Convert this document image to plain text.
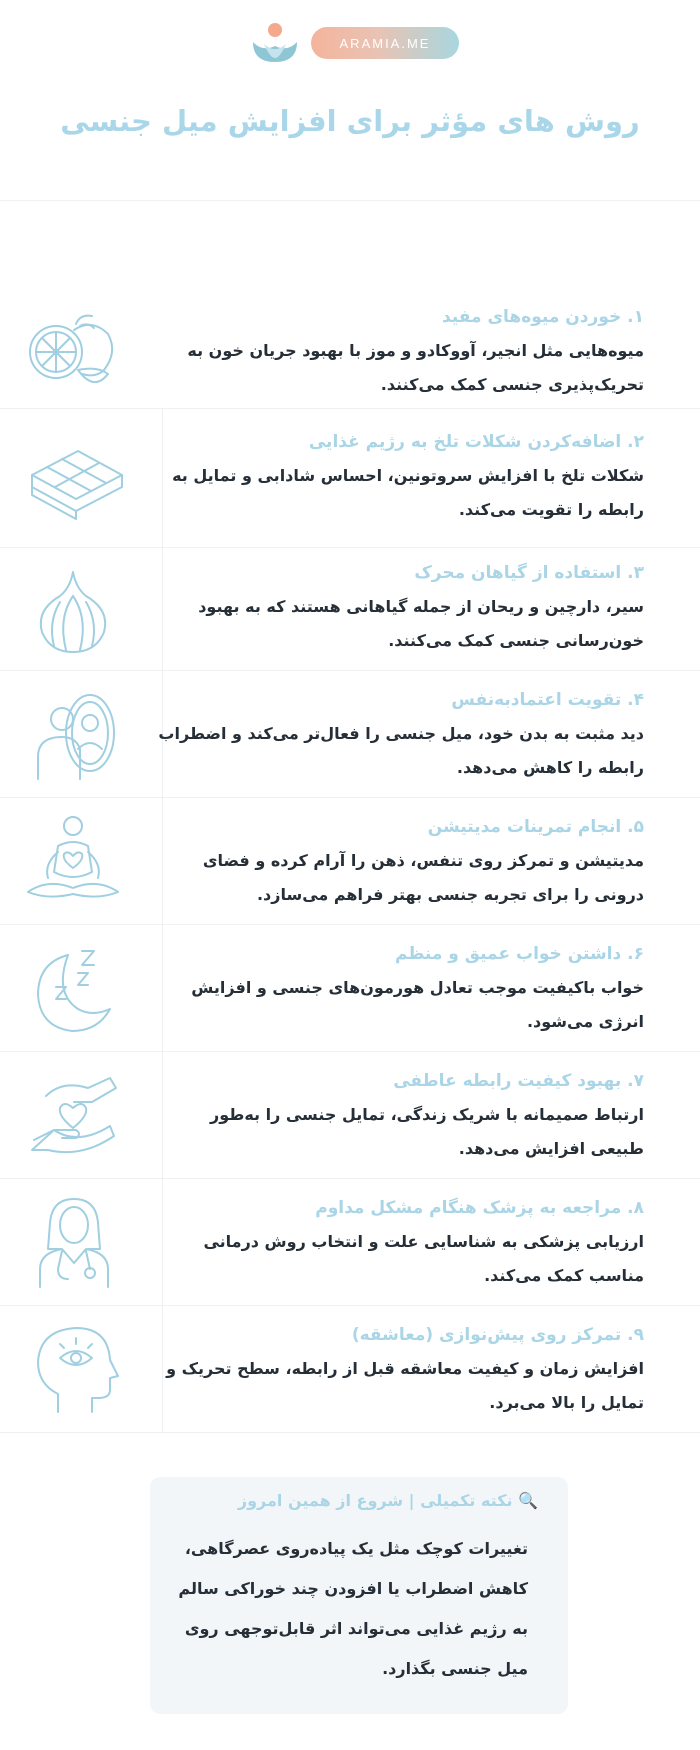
ARAMIA.ME
روش های مؤثر برای افزایش میل جنسی
۱. خوردن میوه‌های مفید

میوه‌هایی مثل انجیر، آووکادو و موز با بهبود جریان خون به تحریک‌پذیری جنسی کمک می‌کنند.

۲. اضافه‌کردن شکلات تلخ به رژیم غذایی

شکلات تلخ با افزایش سروتونین، احساس شادابی و تمایل به رابطه را تقویت می‌کند.

۳. استفاده از گیاهان محرک

سیر، دارچین و ریحان از جمله گیاهانی هستند که به بهبود خون‌رسانی جنسی کمک می‌کنند.

۴. تقویت اعتمادبه‌نفس

دید مثبت به بدن خود، میل جنسی را فعال‌تر می‌کند و اضطراب رابطه را کاهش می‌دهد.

۵. انجام تمرینات مدیتیشن

مدیتیشن و تمرکز روی تنفس، ذهن را آرام کرده و فضای درونی را برای تجربه جنسی بهتر فراهم می‌سازد.

۶. داشتن خواب عمیق و منظم

خواب باکیفیت موجب تعادل هورمون‌های جنسی و افزایش انرژی می‌شود.

۷. بهبود کیفیت رابطه عاطفی

ارتباط صمیمانه با شریک زندگی، تمایل جنسی را به‌طور طبیعی افزایش می‌دهد.

۸. مراجعه به پزشک هنگام مشکل مداوم

ارزیابی پزشکی به شناسایی علت و انتخاب روش درمانی مناسب کمک می‌کند.

۹. تمرکز روی پیش‌نوازی (معاشقه)

افزایش زمان و کیفیت معاشقه قبل از رابطه، سطح تحریک و تمایل را بالا می‌برد.

🔍 نکته تکمیلی | شروع از همین امروز

تغییرات کوچک مثل یک پیاده‌روی عصرگاهی، کاهش اضطراب یا افزودن چند خوراکی سالم به رژیم غذایی می‌تواند اثر قابل‌توجهی روی میل جنسی بگذارد.
